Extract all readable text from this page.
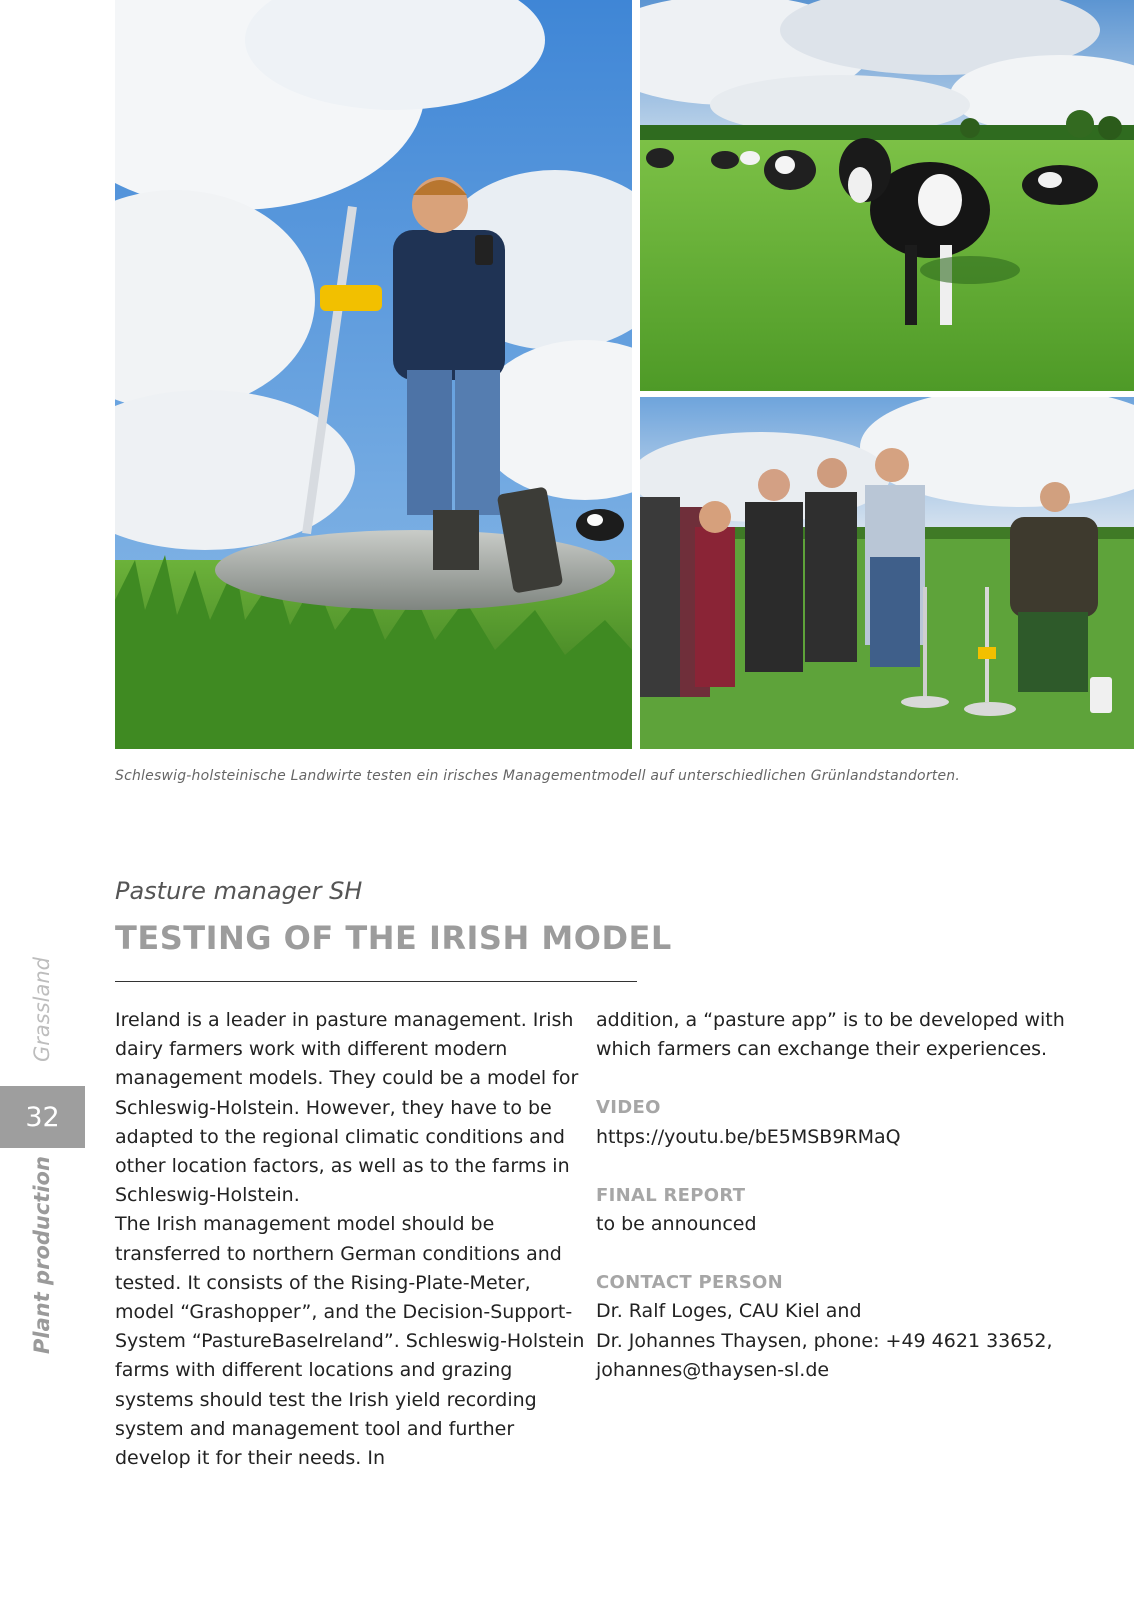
Schleswig-holsteinische Landwirte testen ein irisches Managementmodell auf unterschiedlichen Grünlandstandorten.
Grassland
32
Plant production
Pasture manager SH
TESTING OF THE IRISH MODEL

Ireland is a leader in pasture management. Irish dairy farmers work with different modern management models. They could be a model for Schleswig-Holstein. However, they have to be adapted to the regional climatic conditions and other location factors, as well as to the farms in Schleswig-Holstein.

The Irish management model should be transferred to northern German conditions and tested. It consists of the Rising-Plate-Meter, model “Grashopper”, and the Decision-Support-System “PastureBaseIreland”. Schleswig-Holstein farms with different locations and grazing systems should test the Irish yield recording system and management tool and further develop it for their needs. In

addition, a “pasture app” is to be developed with which farmers can exchange their experiences.

VIDEO
https://youtu.be/bE5MSB9RMaQ
FINAL REPORT
to be announced
CONTACT PERSON
Dr. Ralf Loges, CAU Kiel and
Dr. Johannes Thaysen, phone: +49 4621 33652,
johannes@thaysen-sl.de
